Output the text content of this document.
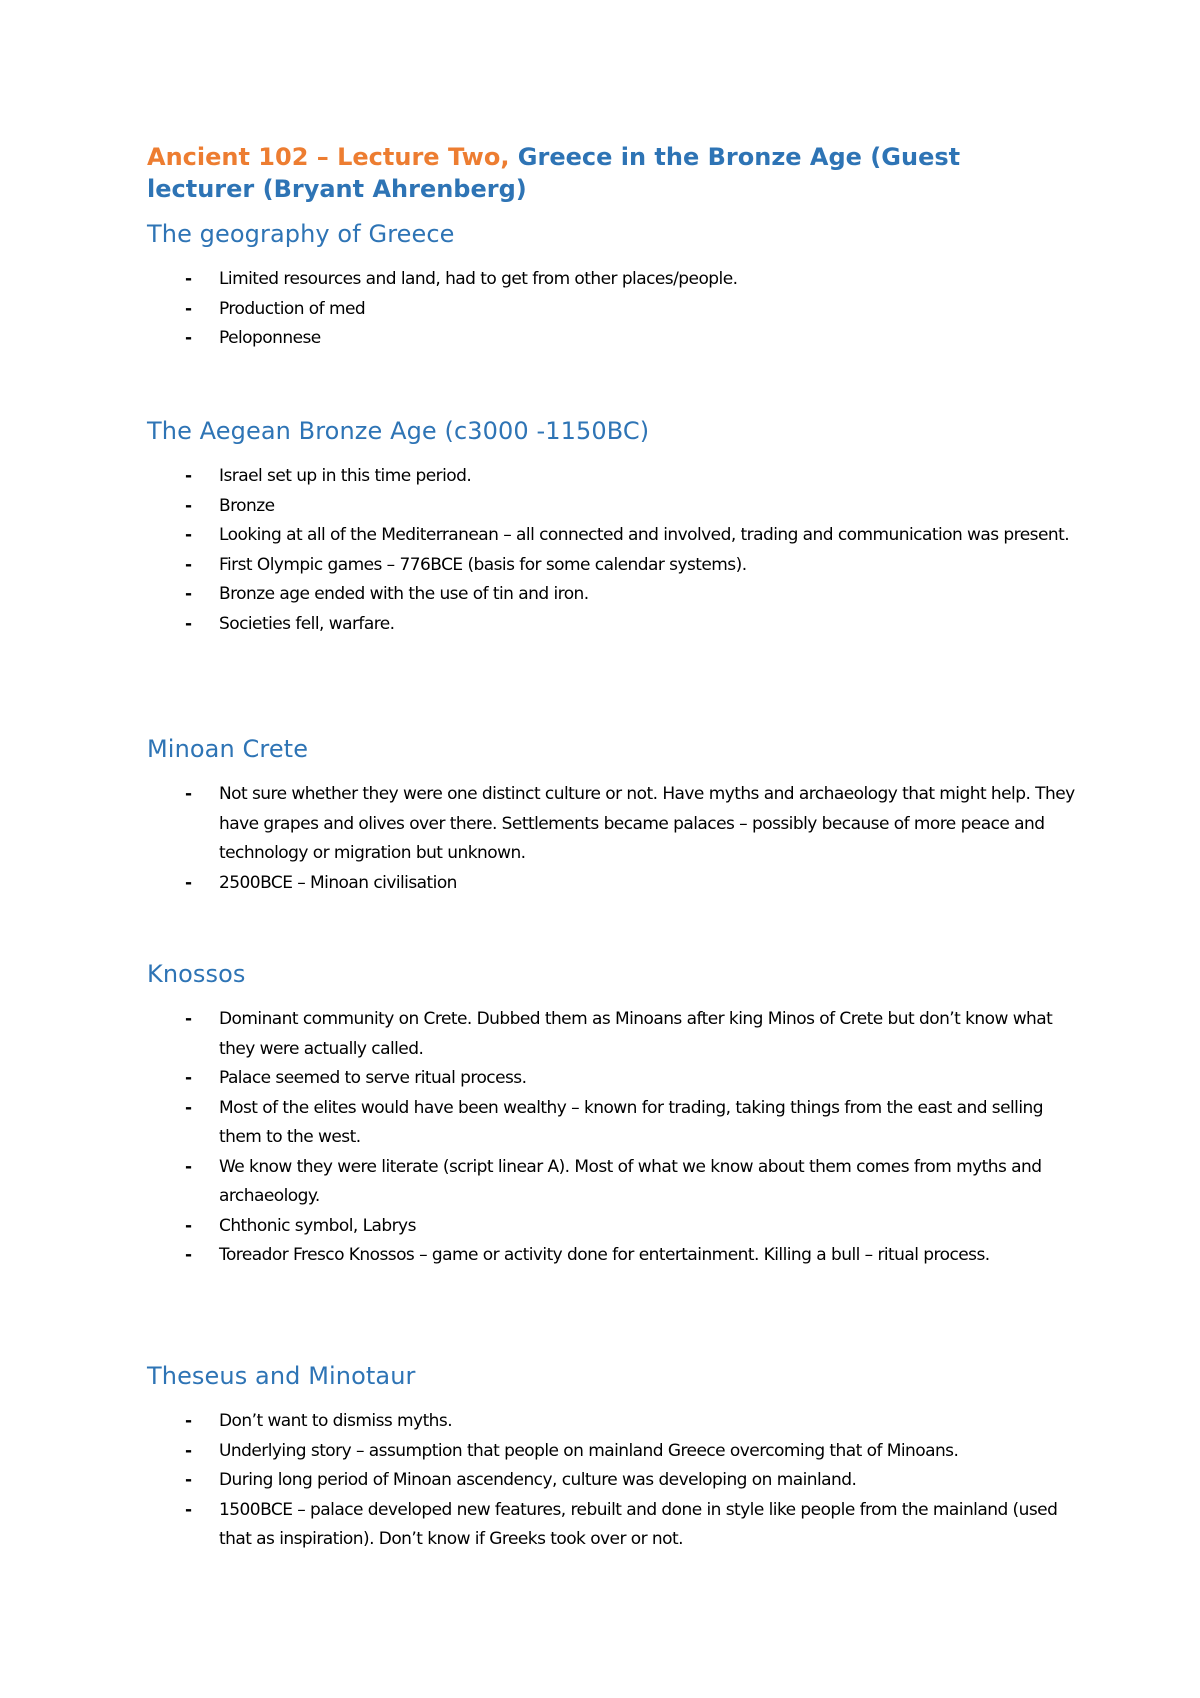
Ancient 102 – Lecture Two, Greece in the Bronze Age (Guest lecturer (Bryant Ahrenberg)
The geography of Greece
- Limited resources and land, had to get from other places/people.
- Production of med
- Peloponnese
The Aegean Bronze Age (c3000 -1150BC)
- Israel set up in this time period.
- Bronze
- Looking at all of the Mediterranean – all connected and involved, trading and communication was present.
- First Olympic games – 776BCE (basis for some calendar systems).
- Bronze age ended with the use of tin and iron.
- Societies fell, warfare.
Minoan Crete
- Not sure whether they were one distinct culture or not. Have myths and archaeology that might help. They have grapes and olives over there. Settlements became palaces – possibly because of more peace and technology or migration but unknown.
- 2500BCE – Minoan civilisation
Knossos
- Dominant community on Crete. Dubbed them as Minoans after king Minos of Crete but don’t know what they were actually called.
- Palace seemed to serve ritual process.
- Most of the elites would have been wealthy – known for trading, taking things from the east and selling them to the west.
- We know they were literate (script linear A). Most of what we know about them comes from myths and archaeology.
- Chthonic symbol, Labrys
- Toreador Fresco Knossos – game or activity done for entertainment. Killing a bull – ritual process.
Theseus and Minotaur
- Don’t want to dismiss myths.
- Underlying story – assumption that people on mainland Greece overcoming that of Minoans.
- During long period of Minoan ascendency, culture was developing on mainland.
- 1500BCE – palace developed new features, rebuilt and done in style like people from the mainland (used that as inspiration). Don’t know if Greeks took over or not.
